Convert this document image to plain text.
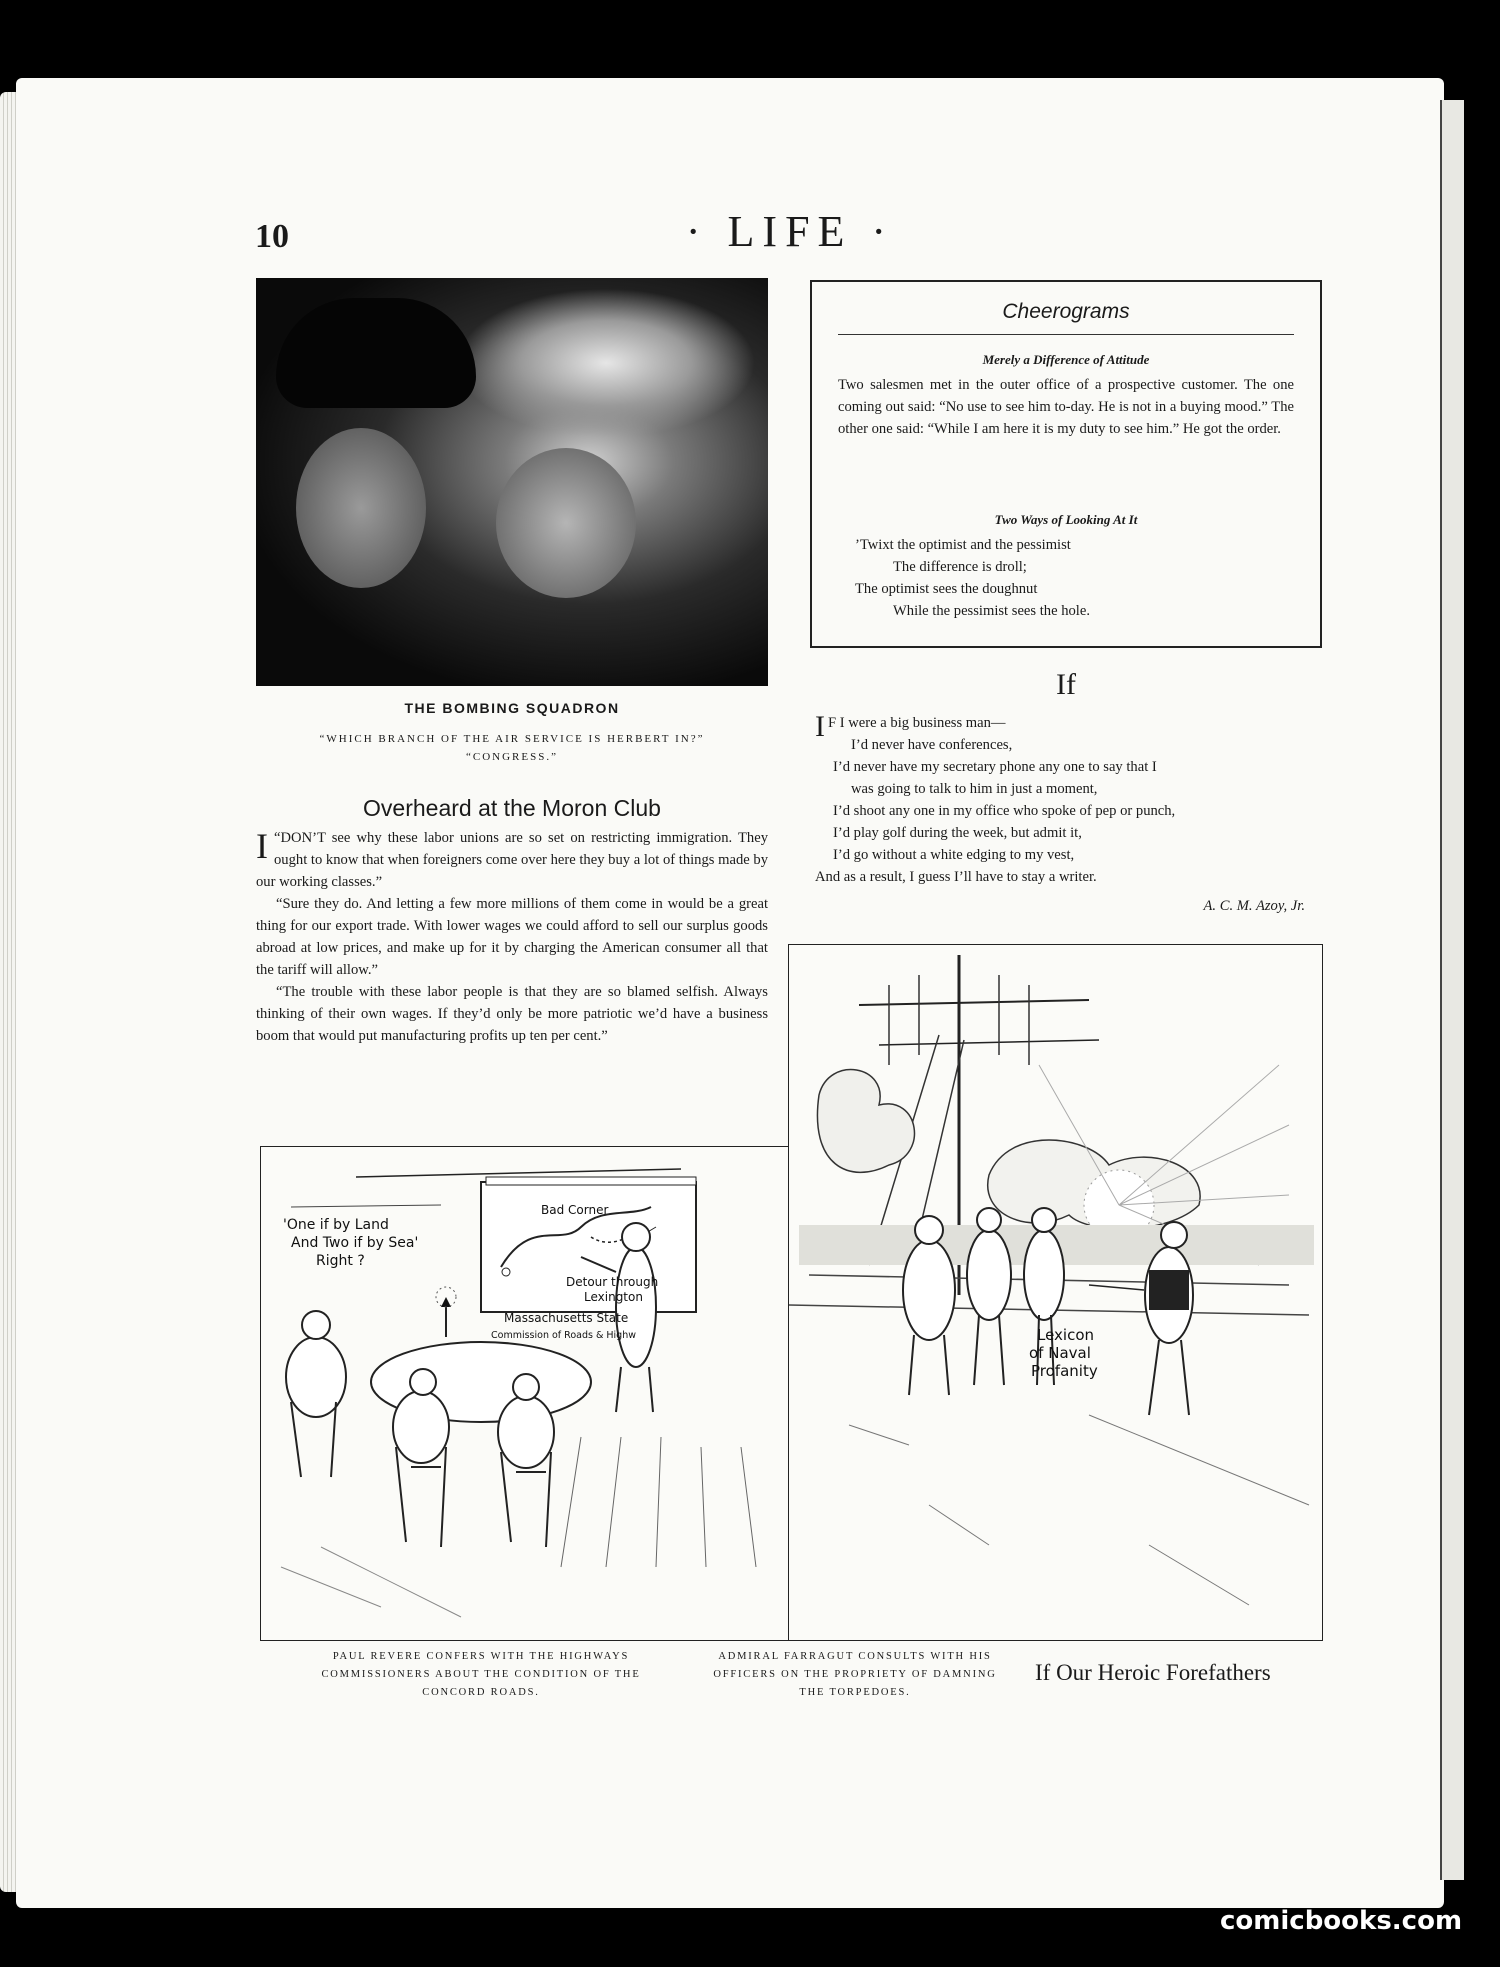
10	· LIFE ·
THE BOMBING SQUADRON
“WHICH BRANCH OF THE AIR SERVICE IS HERBERT IN?”
“CONGRESS.”
Overheard at the Moron Club

“
I DON’T see why these labor unions are so set on restricting immigration. They ought to know that when foreigners come over here they buy a lot of things made by our working classes.”

“Sure they do. And letting a few more millions of them come in would be a great thing for our export trade. With lower wages we could afford to sell our surplus goods abroad at low prices, and make up for it by charging the American consumer all that the tariff will allow.”

“The trouble with these labor people is that they are so blamed selfish. Always thinking of their own wages. If they’d only be more patriotic we’d have a business boom that would put manufacturing profits up ten per cent.”

Cheerograms
Merely a Difference of Attitude
Two salesmen met in the outer office of a prospective customer. The one coming out said: “No use to see him to-day. He is not in a buying mood.” The other one said: “While I am here it is my duty to see him.” He got the order.
Two Ways of Looking At It
’Twixt the optimist and the pessimist
The difference is droll;
The optimist sees the doughnut
While the pessimist sees the hole.
If
I F I were a big business man—
I’d never have conferences,
I’d never have my secretary phone any one to say that I
was going to talk to him in just a moment,
I’d shoot any one in my office who spoke of pep or punch,
I’d play golf during the week, but admit it,
I’d go without a white edging to my vest,
And as a result, I guess I’ll have to stay a writer.
A. C. M. Azoy, Jr.
'One if by Land
And Two if by Sea'
Right ?
Bad Corner
Detour through
Lexington
Massachusetts State
Commission of Roads & Highw	Lexicon
of Naval
Profanity
PAUL REVERE CONFERS WITH THE HIGHWAYS COMMISSIONERS ABOUT THE CONDITION OF THE CONCORD ROADS.
ADMIRAL FARRAGUT CONSULTS WITH HIS OFFICERS ON THE PROPRIETY OF DAMNING THE TORPEDOES.
If Our Heroic Forefathers
comicbooks.com
